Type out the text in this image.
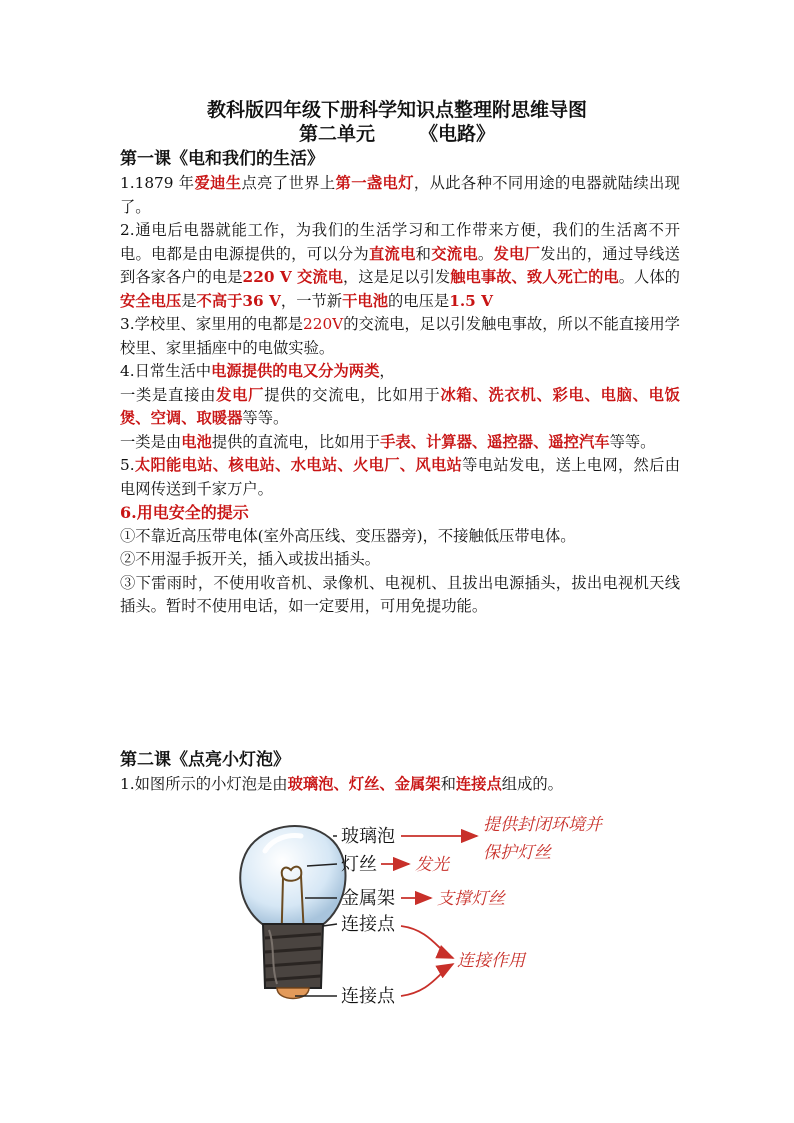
教科版四年级下册科学知识点整理附思维导图
第二单元 《电路》
第一课《电和我们的生活》

1.1879 年爱迪生点亮了世界上第一盏电灯，从此各种不同用途的电器就陆续出现了。

2.通电后电器就能工作，为我们的生活学习和工作带来方便，我们的生活离不开电。电都是由电源提供的，可以分为直流电和交流电。发电厂发出的，通过导线送到各家各户的电是220 V 交流电，这是足以引发触电事故、致人死亡的电。人体的安全电压是不高于36 V，一节新干电池的电压是1.5 V

3.学校里、家里用的电都是220V的交流电，足以引发触电事故，所以不能直接用学校里、家里插座中的电做实验。

4.日常生活中电源提供的电又分为两类，

一类是直接由发电厂提供的交流电，比如用于冰箱、洗衣机、彩电、电脑、电饭煲、空调、取暖器等等。

一类是由电池提供的直流电，比如用于手表、计算器、遥控器、遥控汽车等等。

5.太阳能电站、核电站、水电站、火电厂、风电站等电站发电，送上电网，然后由电网传送到千家万户。

6.用电安全的提示

①不靠近高压带电体(室外高压线、变压器旁)，不接触低压带电体。

②不用湿手扳开关，插入或拔出插头。

③下雷雨时，不使用收音机、录像机、电视机、且拔出电源插头，拔出电视机天线插头。暂时不使用电话，如一定要用，可用免提功能。

第二课《点亮小灯泡》

1.如图所示的小灯泡是由玻璃泡、灯丝、金属架和连接点组成的。

玻璃泡
灯丝
金属架
连接点
连接点
提供封闭环境并
保护灯丝
发光
支撑灯丝
连接作用
